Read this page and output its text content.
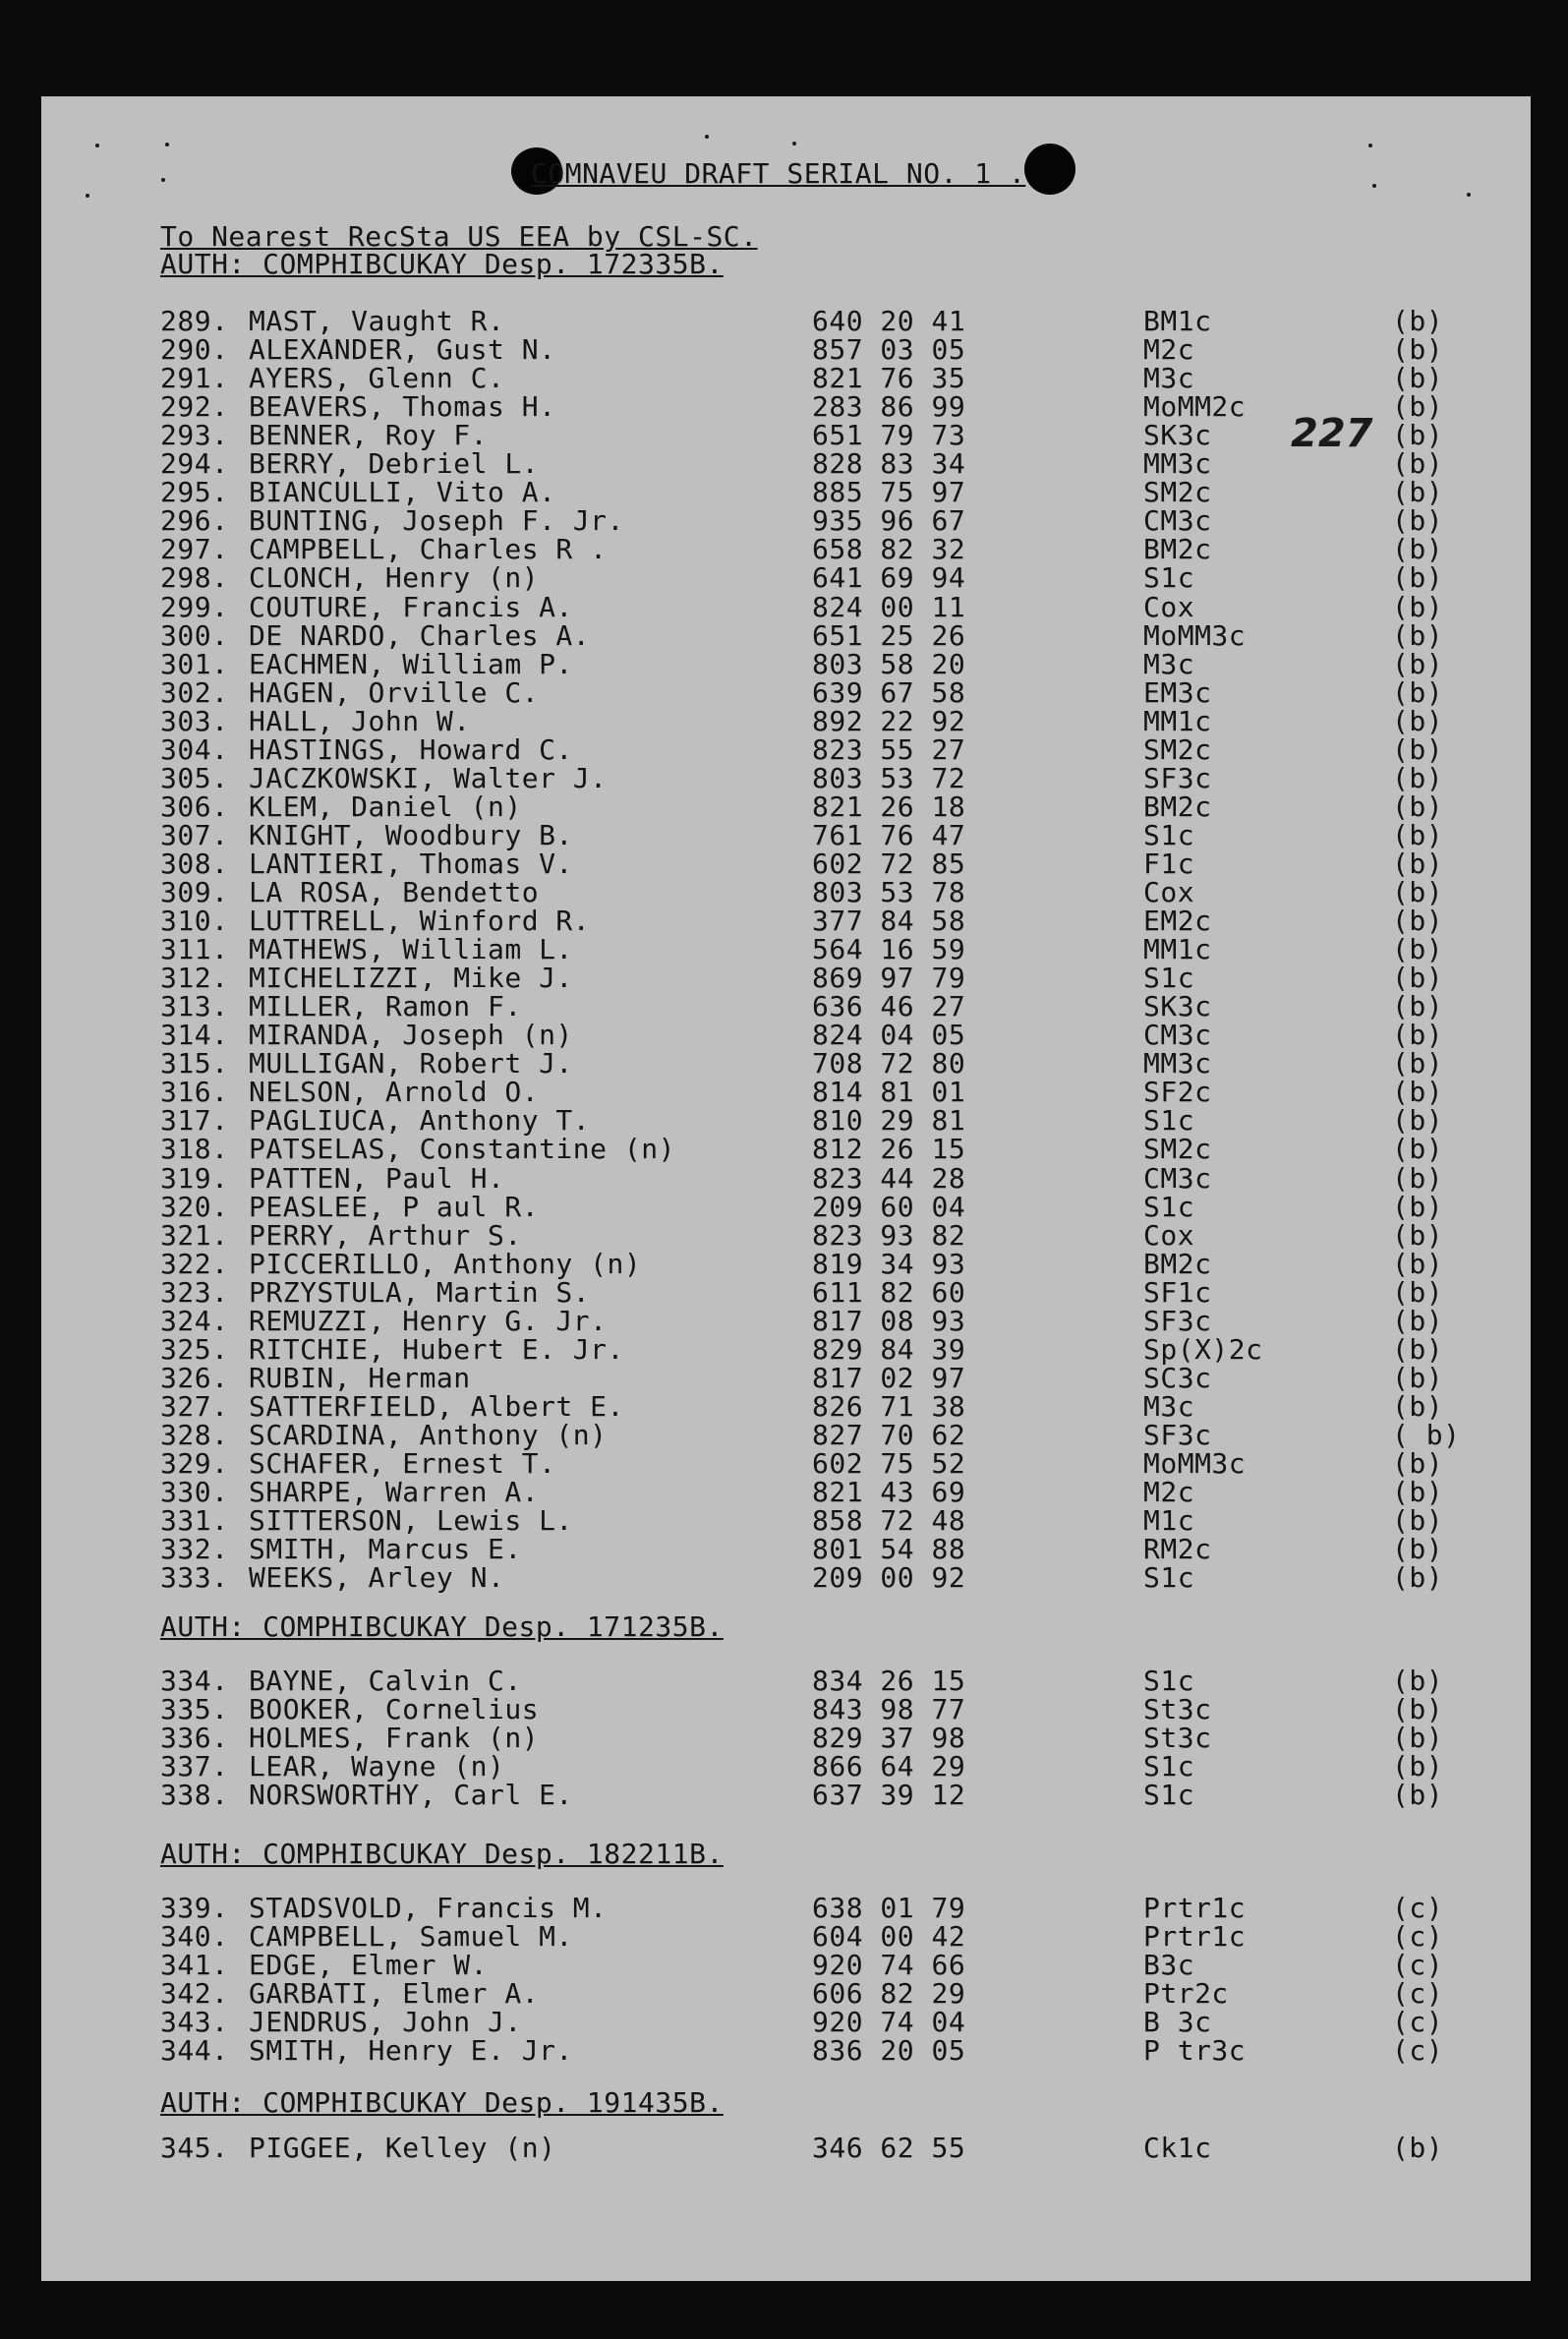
COMNAVEU DRAFT SERIAL NO. 1 .
227
To Nearest RecSta US EEA by CSL-SC.
AUTH: COMPHIBCUKAY Desp. 172335B.
289. MAST, Vaught R.	640 20 41	BM1c	(b)
290. ALEXANDER, Gust N.	857 03 05	M2c	(b)
291. AYERS, Glenn C.	821 76 35	M3c	(b)
292. BEAVERS, Thomas H.	283 86 99	MoMM2c	(b)
293. BENNER, Roy F.	651 79 73	SK3c	(b)
294. BERRY, Debriel L.	828 83 34	MM3c	(b)
295. BIANCULLI, Vito A.	885 75 97	SM2c	(b)
296. BUNTING, Joseph F. Jr.	935 96 67	CM3c	(b)
297. CAMPBELL, Charles R .	658 82 32	BM2c	(b)
298. CLONCH, Henry (n)	641 69 94	S1c	(b)
299. COUTURE, Francis A.	824 00 11	Cox	(b)
300. DE NARDO, Charles A.	651 25 26	MoMM3c	(b)
301. EACHMEN, William P.	803 58 20	M3c	(b)
302. HAGEN, Orville C.	639 67 58	EM3c	(b)
303. HALL, John W.	892 22 92	MM1c	(b)
304. HASTINGS, Howard C.	823 55 27	SM2c	(b)
305. JACZKOWSKI, Walter J.	803 53 72	SF3c	(b)
306. KLEM, Daniel (n)	821 26 18	BM2c	(b)
307. KNIGHT, Woodbury B.	761 76 47	S1c	(b)
308. LANTIERI, Thomas V.	602 72 85	F1c	(b)
309. LA ROSA, Bendetto	803 53 78	Cox	(b)
310. LUTTRELL, Winford R.	377 84 58	EM2c	(b)
311. MATHEWS, William L.	564 16 59	MM1c	(b)
312. MICHELIZZI, Mike J.	869 97 79	S1c	(b)
313. MILLER, Ramon F.	636 46 27	SK3c	(b)
314. MIRANDA, Joseph (n)	824 04 05	CM3c	(b)
315. MULLIGAN, Robert J.	708 72 80	MM3c	(b)
316. NELSON, Arnold O.	814 81 01	SF2c	(b)
317. PAGLIUCA, Anthony T.	810 29 81	S1c	(b)
318. PATSELAS, Constantine (n)	812 26 15	SM2c	(b)
319. PATTEN, Paul H.	823 44 28	CM3c	(b)
320. PEASLEE, P aul R.	209 60 04	S1c	(b)
321. PERRY, Arthur S.	823 93 82	Cox	(b)
322. PICCERILLO, Anthony (n)	819 34 93	BM2c	(b)
323. PRZYSTULA, Martin S.	611 82 60	SF1c	(b)
324. REMUZZI, Henry G. Jr.	817 08 93	SF3c	(b)
325. RITCHIE, Hubert E. Jr.	829 84 39	Sp(X)2c	(b)
326. RUBIN, Herman	817 02 97	SC3c	(b)
327. SATTERFIELD, Albert E.	826 71 38	M3c	(b)
328. SCARDINA, Anthony (n)	827 70 62	SF3c	( b)
329. SCHAFER, Ernest T.	602 75 52	MoMM3c	(b)
330. SHARPE, Warren A.	821 43 69	M2c	(b)
331. SITTERSON, Lewis L.	858 72 48	M1c	(b)
332. SMITH, Marcus E.	801 54 88	RM2c	(b)
333. WEEKS, Arley N.	209 00 92	S1c	(b)
AUTH: COMPHIBCUKAY Desp. 171235B.
334. BAYNE, Calvin C.	834 26 15	S1c	(b)
335. BOOKER, Cornelius	843 98 77	St3c	(b)
336. HOLMES, Frank (n)	829 37 98	St3c	(b)
337. LEAR, Wayne (n)	866 64 29	S1c	(b)
338. NORSWORTHY, Carl E.	637 39 12	S1c	(b)
AUTH: COMPHIBCUKAY Desp. 182211B.
339. STADSVOLD, Francis M.	638 01 79	Prtr1c	(c)
340. CAMPBELL, Samuel M.	604 00 42	Prtr1c	(c)
341. EDGE, Elmer W.	920 74 66	B3c	(c)
342. GARBATI, Elmer A.	606 82 29	Ptr2c	(c)
343. JENDRUS, John J.	920 74 04	B 3c	(c)
344. SMITH, Henry E. Jr.	836 20 05	P tr3c	(c)
AUTH: COMPHIBCUKAY Desp. 191435B.
345. PIGGEE, Kelley (n)	346 62 55	Ck1c	(b)
